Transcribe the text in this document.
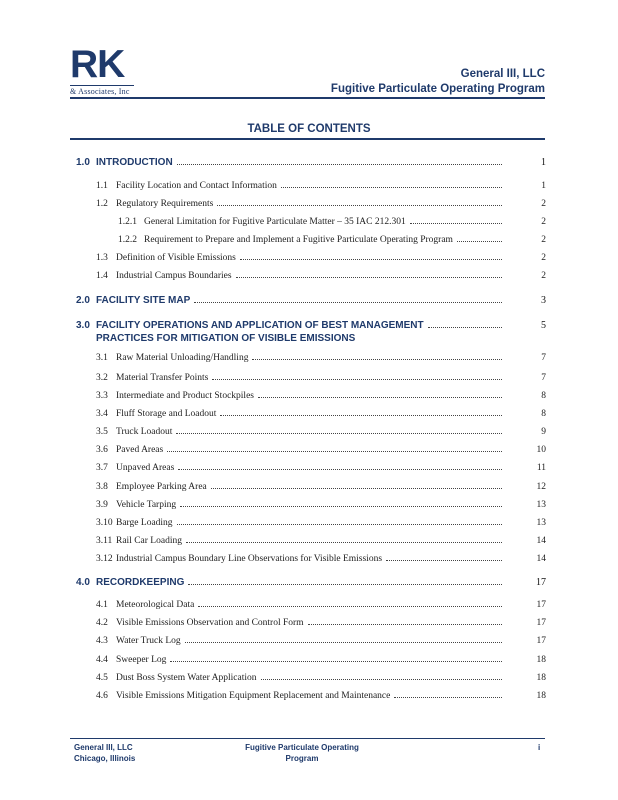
RK
& Associates, Inc
General III, LLC
Fugitive Particulate Operating Program
TABLE OF CONTENTS
1.0 INTRODUCTION	1
1.1 Facility Location and Contact Information	1
1.2 Regulatory Requirements	2
1.2.1 General Limitation for Fugitive Particulate Matter – 35 IAC 212.301	2
1.2.2 Requirement to Prepare and Implement a Fugitive Particulate Operating Program	2
1.3 Definition of Visible Emissions	2
1.4 Industrial Campus Boundaries	2
2.0 FACILITY SITE MAP	3
3.0 FACILITY OPERATIONS AND APPLICATION OF BEST MANAGEMENT	5
PRACTICES FOR MITIGATION OF VISIBLE EMISSIONS
3.1 Raw Material Unloading/Handling	7
3.2 Material Transfer Points	7
3.3 Intermediate and Product Stockpiles	8
3.4 Fluff Storage and Loadout	8
3.5 Truck Loadout	9
3.6 Paved Areas	10
3.7 Unpaved Areas	11
3.8 Employee Parking Area	12
3.9 Vehicle Tarping	13
3.10 Barge Loading	13
3.11 Rail Car Loading	14
3.12 Industrial Campus Boundary Line Observations for Visible Emissions	14
4.0 RECORDKEEPING	17
4.1 Meteorological Data	17
4.2 Visible Emissions Observation and Control Form	17
4.3 Water Truck Log	17
4.4 Sweeper Log	18
4.5 Dust Boss System Water Application	18
4.6 Visible Emissions Mitigation Equipment Replacement and Maintenance	18
General III, LLC
Chicago, Illinois
Fugitive Particulate Operating
Program
i
